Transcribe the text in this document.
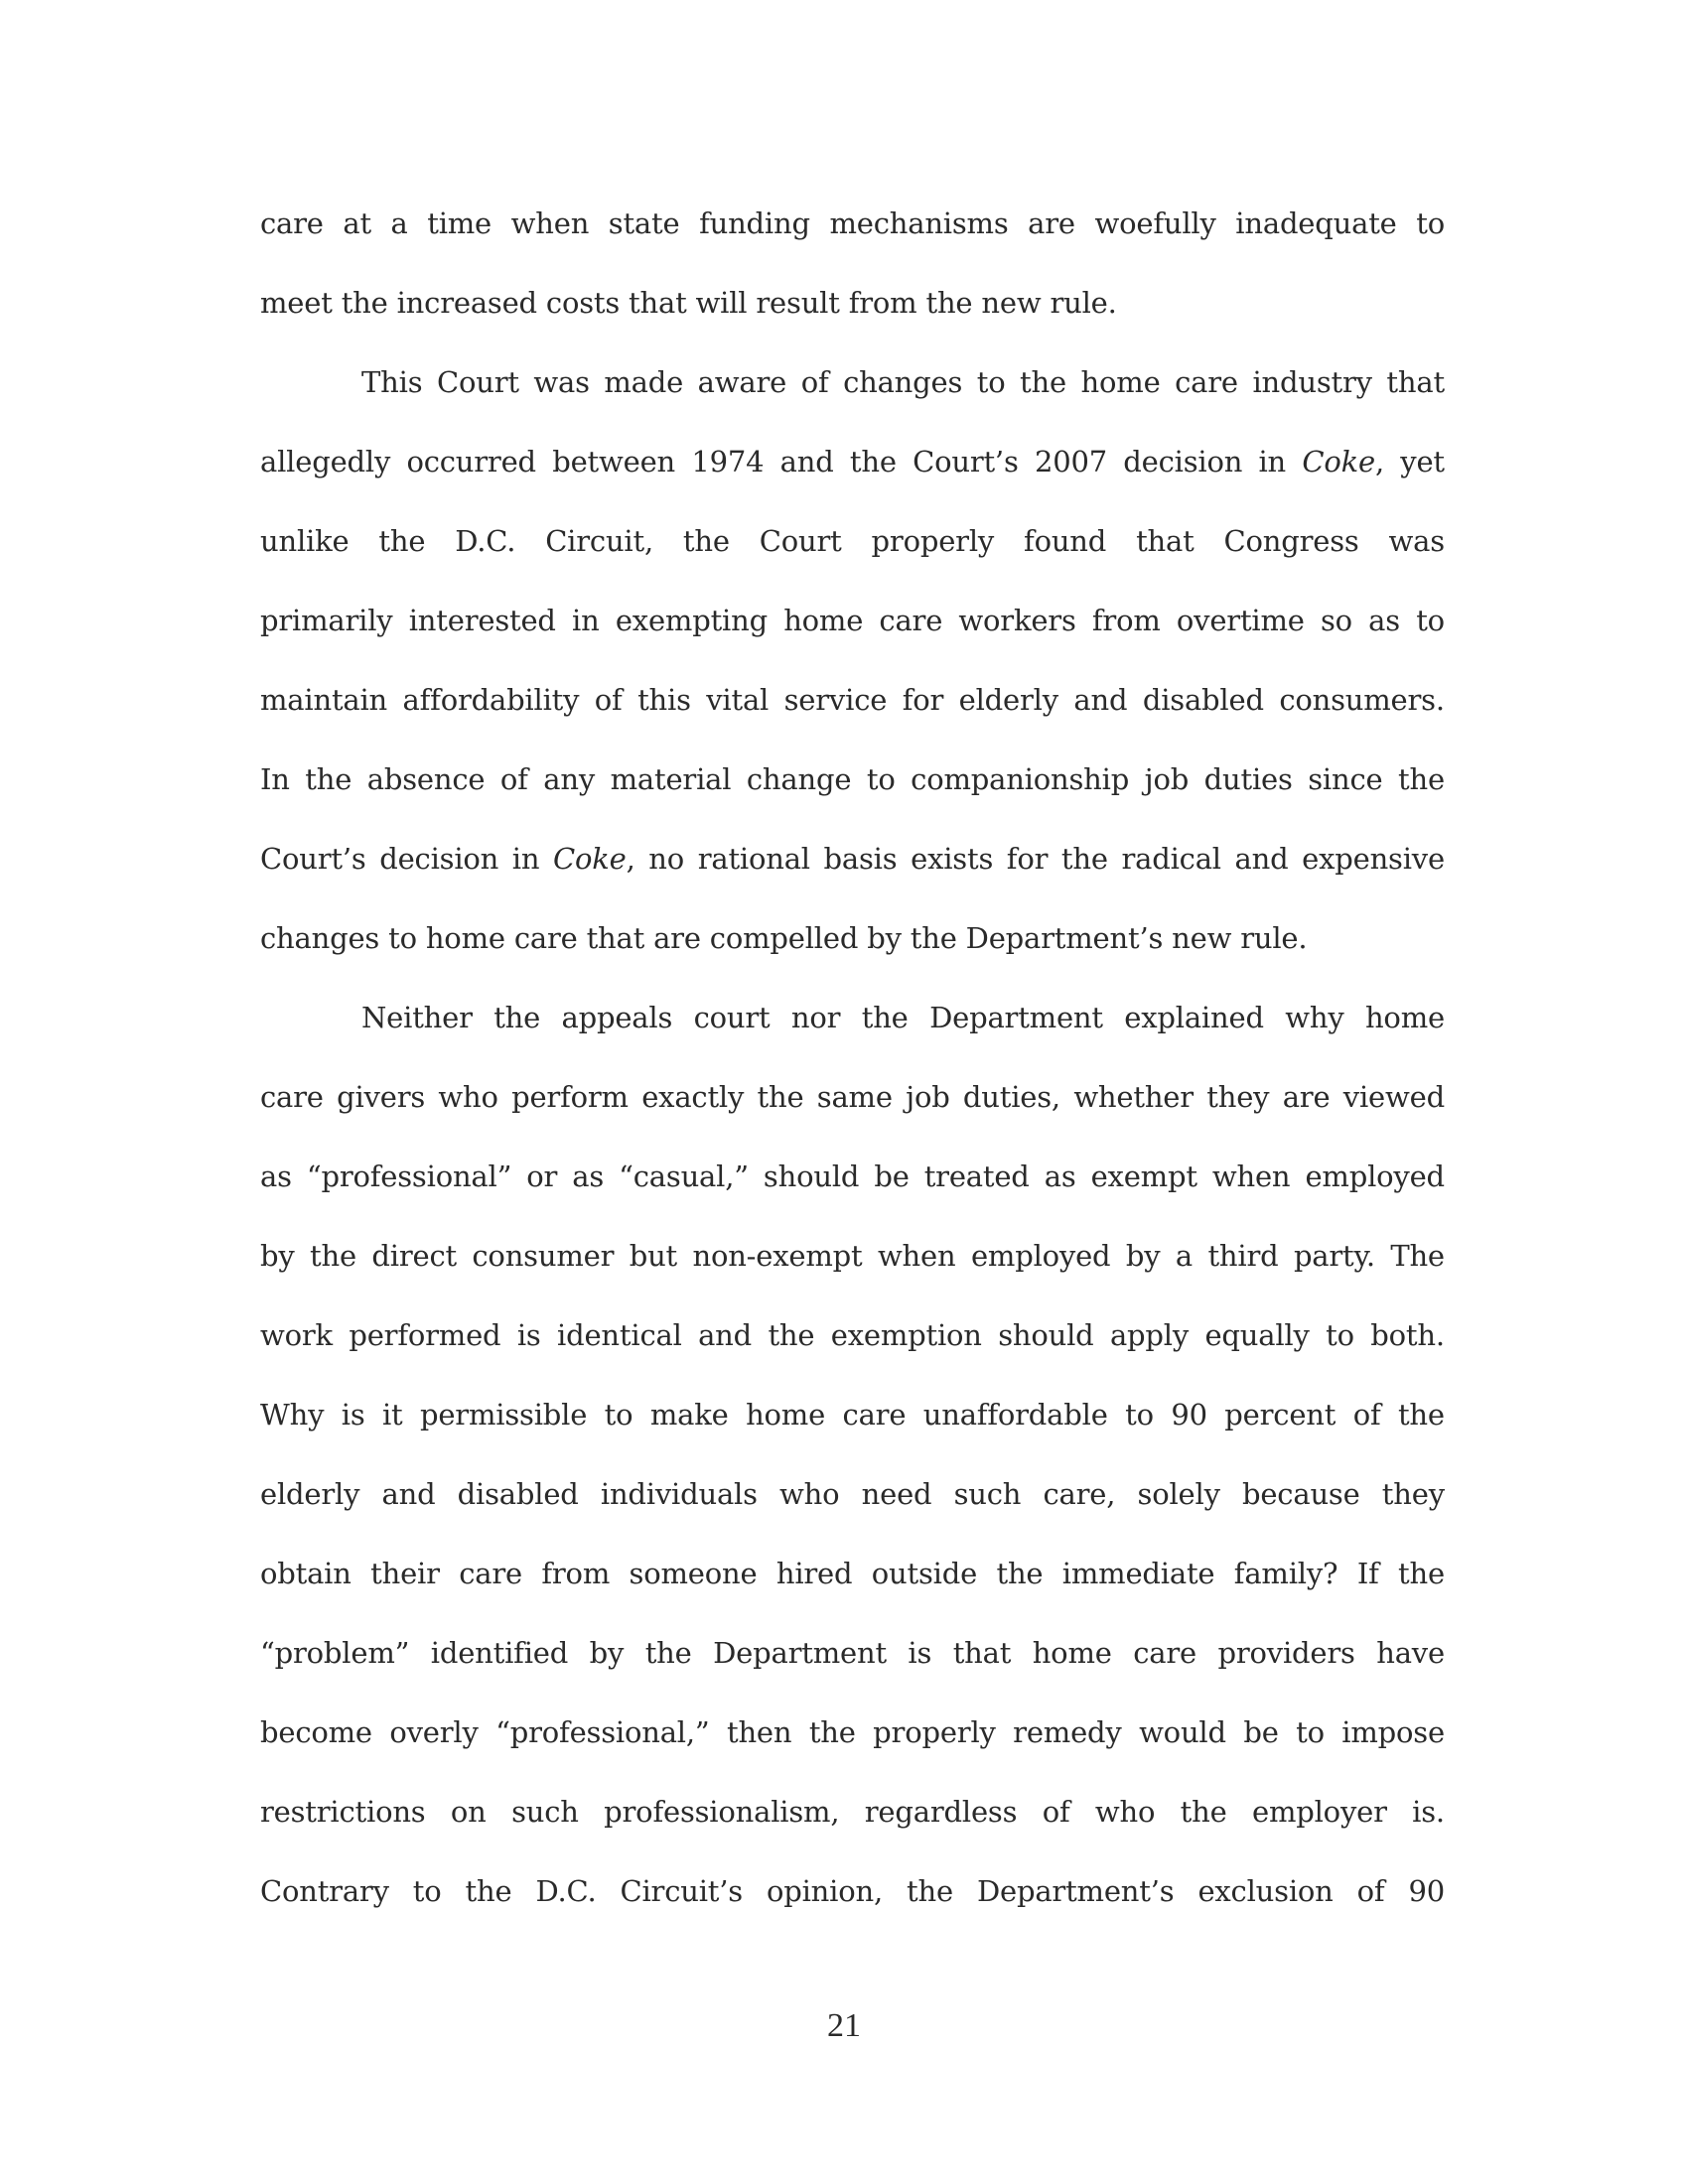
care at a time when state funding mechanisms are woefully inadequate to
meet the increased costs that will result from the new rule.
This Court was made aware of changes to the home care industry that
allegedly occurred between 1974 and the Court’s 2007 decision in Coke, yet
unlike the D.C. Circuit, the Court properly found that Congress was
primarily interested in exempting home care workers from overtime so as to
maintain affordability of this vital service for elderly and disabled consumers.
In the absence of any material change to companionship job duties since the
Court’s decision in Coke, no rational basis exists for the radical and expensive
changes to home care that are compelled by the Department’s new rule.
Neither the appeals court nor the Department explained why home
care givers who perform exactly the same job duties, whether they are viewed
as “professional” or as “casual,” should be treated as exempt when employed
by the direct consumer but non-exempt when employed by a third party. The
work performed is identical and the exemption should apply equally to both.
Why is it permissible to make home care unaffordable to 90 percent of the
elderly and disabled individuals who need such care, solely because they
obtain their care from someone hired outside the immediate family? If the
“problem” identified by the Department is that home care providers have
become overly “professional,” then the properly remedy would be to impose
restrictions on such professionalism, regardless of who the employer is.
Contrary to the D.C. Circuit’s opinion, the Department’s exclusion of 90
21
